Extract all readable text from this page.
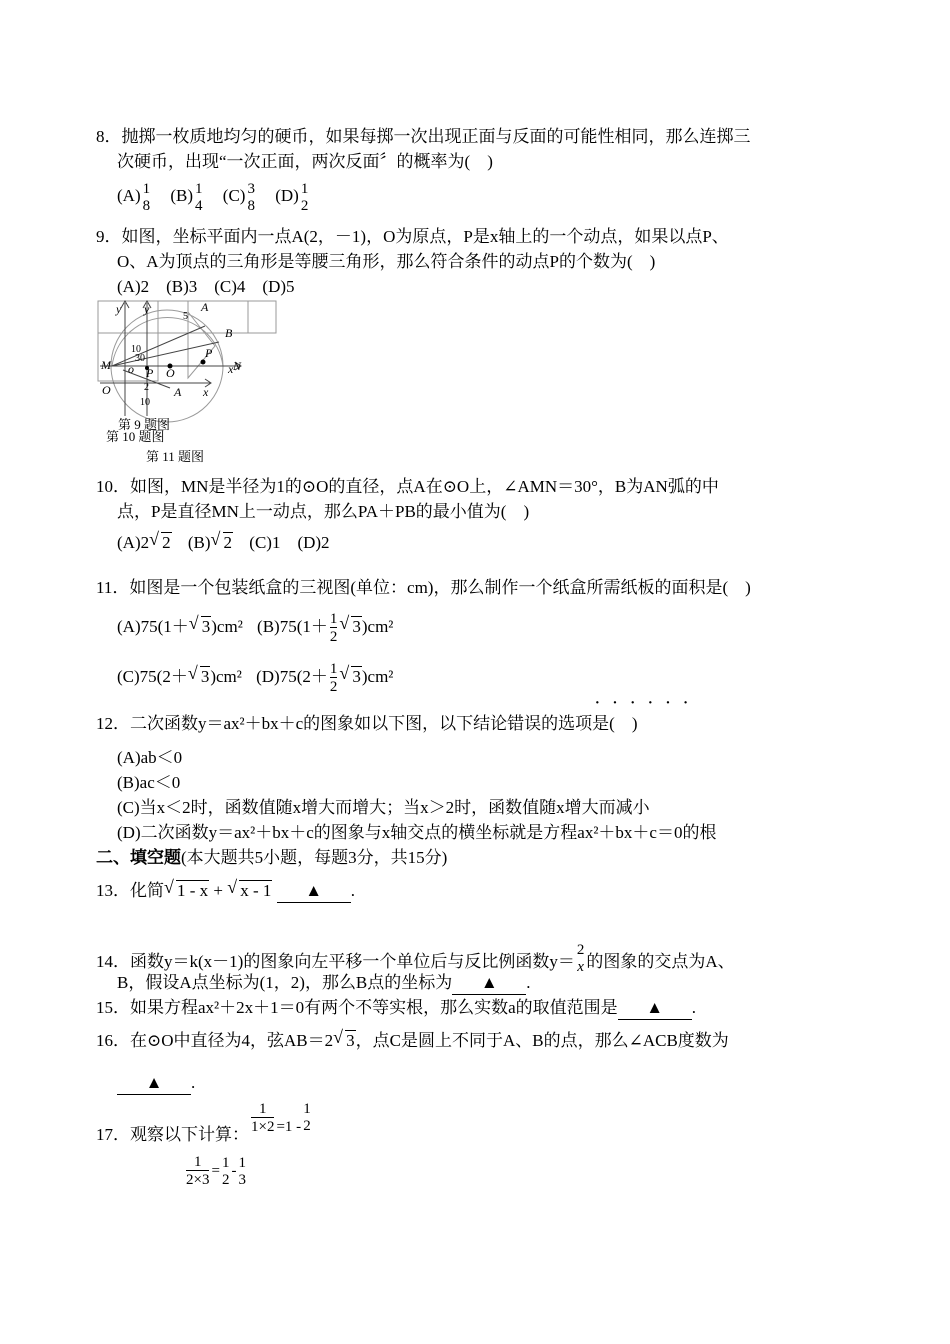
8．抛掷一枚质地均匀的硬币，如果每掷一次出现正面与反面的可能性相同，那么连掷三
次硬币，出现“一次正面，两次反面〞的概率为(　)
(A) 1
8
(B) 1
4
(C) 3
8
(D) 1
2
9．如图，坐标平面内一点A(2，－1)，O为原点，P是x轴上的一个动点，如果以点P、
O、A为顶点的三角形是等腰三角形，那么符合条件的动点P的个数为(　)
(A)2　(B)3　(C)4　(D)5
y y	A
5
B
10
30	P
N
x
M o P O
2 A x
O
10
第 9 题图
第 10 题图
第 11 题图
10．如图，MN是半径为1的⊙O的直径，点A在⊙O上，∠AMN＝30°，B为AN弧的中
点，P是直径MN上一动点，那么PA＋PB的最小值为(　)
(A)2 √ 2 (B) √ 2 (C)1　(D)2
11．如图是一个包装纸盒的三视图(单位：cm)，那么制作一个纸盒所需纸板的面积是(　)
(A)75(1＋ √ 3)cm² $(B)75(1+ \frac{1}{2}$ √ 3)cm²
(C)75(2＋ √ 3)cm² $(D)75(2+ \frac{1}{2}$ √ 3)cm²
······
12．二次函数y＝ax²＋bx＋c的图象如以下图，以下结论错误的选项是(　)
(A)ab＜0
(B)ac＜0
(C)当x＜2时，函数值随x增大而增大；当x＞2时，函数值随x增大而减小
(D)二次函数y＝ax²＋bx＋c的图象与x轴交点的横坐标就是方程ax²＋bx＋c＝0的根
二、填空题(本大题共5小题，每题3分，共15分)
13．化简 √ 1 - x + √ x - 1 ▲ .
14．函数y＝k(x－1)的图象向左平移一个单位后与反比例函数y＝
2
x 的图象的交点为A、
B，假设A点坐标为(1，2)，那么B点的坐标为 ▲ .
15．如果方程ax²＋2x＋1＝0有两个不等实根，那么实数a的取值范围是 ▲ .
16．在⊙O中直径为4，弦AB＝2 √ 3，点C是圆上不同于A、B的点，那么∠ACB度数为
▲ .
17．观察以下计算： $\frac{1}{1\times 2} =1$ -
1
2
$\frac{1}{2\times 3}$ =
1
2
-
1
3
